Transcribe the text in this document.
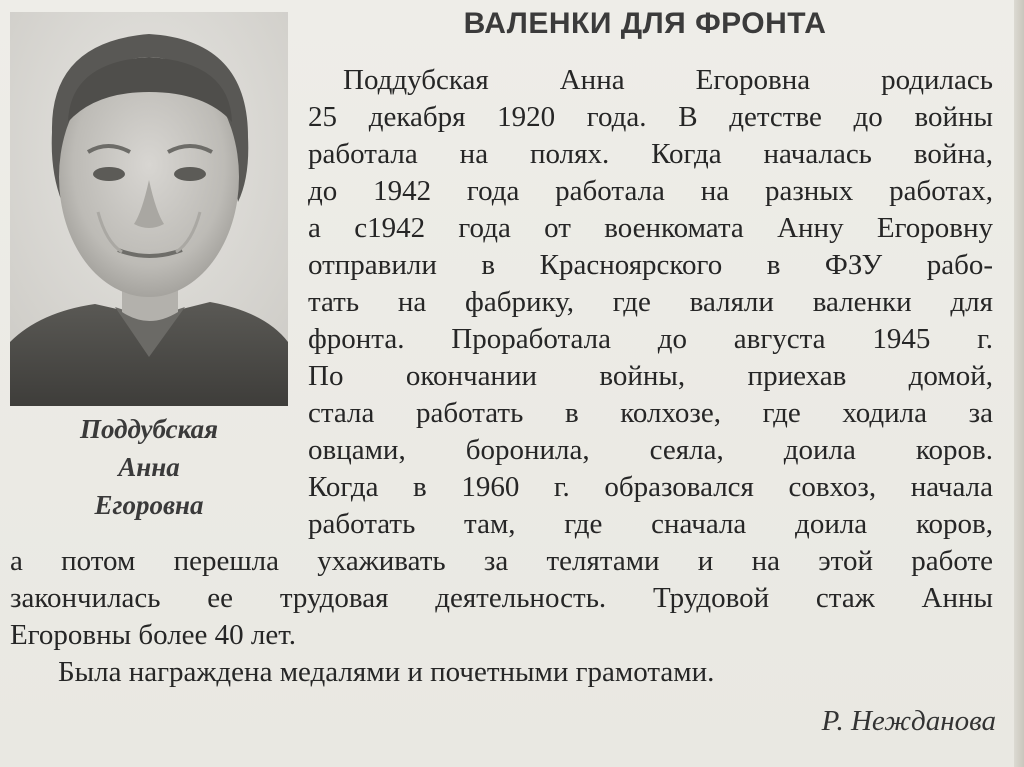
Поддубская
Анна
Егоровна
ВАЛЕНКИ ДЛЯ ФРОНТА
Поддубская Анна Егоровна родилась
25 декабря 1920 года. В детстве до войны
работала на полях. Когда началась война,
до 1942 года работала на разных работах,
а с1942 года от военкомата Анну Егоровну
отправили в Красноярского в ФЗУ рабо-
тать на фабрику, где валяли валенки для
фронта. Проработала до августа 1945 г.
По окончании войны, приехав домой,
стала работать в колхозе, где ходила за
овцами, боронила, сеяла, доила коров.
Когда в 1960 г. образовался совхоз, начала
работать там, где сначала доила коров,
а потом перешла ухаживать за телятами и на этой работе
закончилась ее трудовая деятельность. Трудовой стаж Анны
Егоровны более 40 лет.
Была награждена медалями и почетными грамотами.
Р. Нежданова
